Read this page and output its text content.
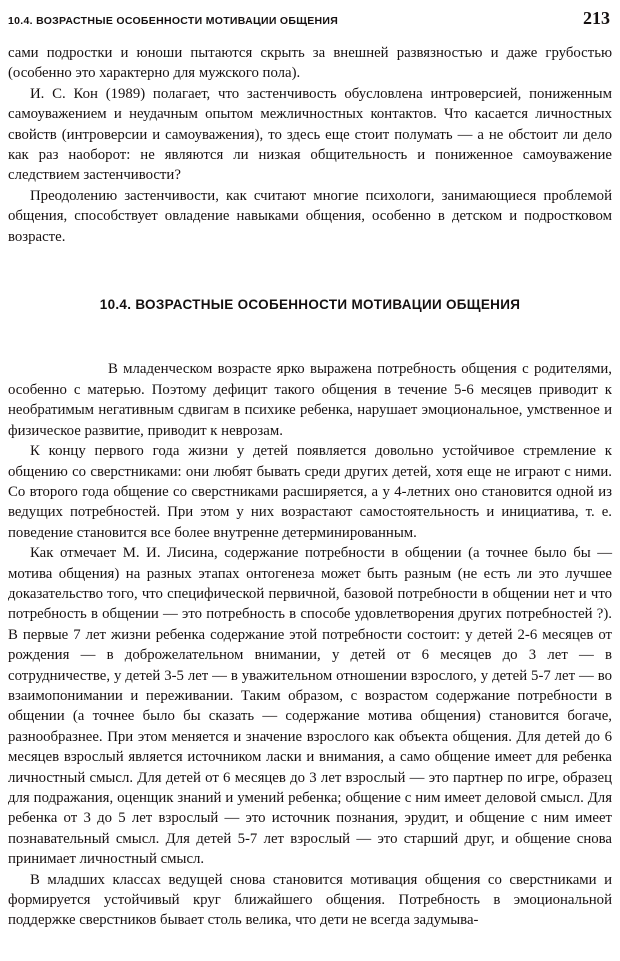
10.4. ВОЗРАСТНЫЕ ОСОБЕННОСТИ МОТИВАЦИИ ОБЩЕНИЯ	213

сами подростки и юноши пытаются скрыть за внешней развязностью и даже грубостью (особенно это характерно для мужского пола).

И. С. Кон (1989) полагает, что застенчивость обусловлена интроверсией, пониженным самоуважением и неудачным опытом межличностных контактов. Что касается личностных свойств (интроверсии и самоуважения), то здесь еще стоит полумать — а не обстоит ли дело как раз наоборот: не являются ли низкая общительность и пониженное самоуважение следствием застенчивости?

Преодолению застенчивости, как считают многие психологи, занимающиеся проблемой общения, способствует овладение навыками общения, особенно в детском и подростковом возрасте.

10.4. ВОЗРАСТНЫЕ ОСОБЕННОСТИ МОТИВАЦИИ ОБЩЕНИЯ

В младенческом возрасте ярко выражена потребность общения с родителями, особенно с матерью. Поэтому дефицит такого общения в течение 5-6 месяцев приводит к необратимым негативным сдвигам в психике ребенка, нарушает эмоциональное, умственное и физическое развитие, приводит к неврозам.

К концу первого года жизни у детей появляется довольно устойчивое стремление к общению со сверстниками: они любят бывать среди других детей, хотя еще не играют с ними. Со второго года общение со сверстниками расширяется, а у 4-летних оно становится одной из ведущих потребностей. При этом у них возрастают самостоятельность и инициатива, т. е. поведение становится все более внутренне детерминированным.

Как отмечает М. И. Лисина, содержание потребности в общении (а точнее было бы — мотива общения) на разных этапах онтогенеза может быть разным (не есть ли это лучшее доказательство того, что специфической первичной, базовой потребности в общении нет и что потребность в общении — это потребность в способе удовлетворения других потребностей ?). В первые 7 лет жизни ребенка содержание этой потребности состоит: у детей 2-6 месяцев от рождения — в доброжелательном внимании, у детей от 6 месяцев до 3 лет — в сотрудничестве, у детей 3-5 лет — в уважительном отношении взрослого, у детей 5-7 лет — во взаимопонимании и переживании. Таким образом, с возрастом содержание потребности в общении (а точнее было бы сказать — содержание мотива общения) становится богаче, разнообразнее. При этом меняется и значение взрослого как объекта общения. Для детей до 6 месяцев взрослый является источником ласки и внимания, а само общение имеет для ребенка личностный смысл. Для детей от 6 месяцев до 3 лет взрослый — это партнер по игре, образец для подражания, оценщик знаний и умений ребенка; общение с ним имеет деловой смысл. Для ребенка от 3 до 5 лет взрослый — это источник познания, эрудит, и общение с ним имеет познавательный смысл. Для детей 5-7 лет взрослый — это старший друг, и общение снова принимает личностный смысл.

В младших классах ведущей снова становится мотивация общения со сверстниками и формируется устойчивый круг ближайшего общения. Потребность в эмоциональной поддержке сверстников бывает столь велика, что дети не всегда задумыва-
